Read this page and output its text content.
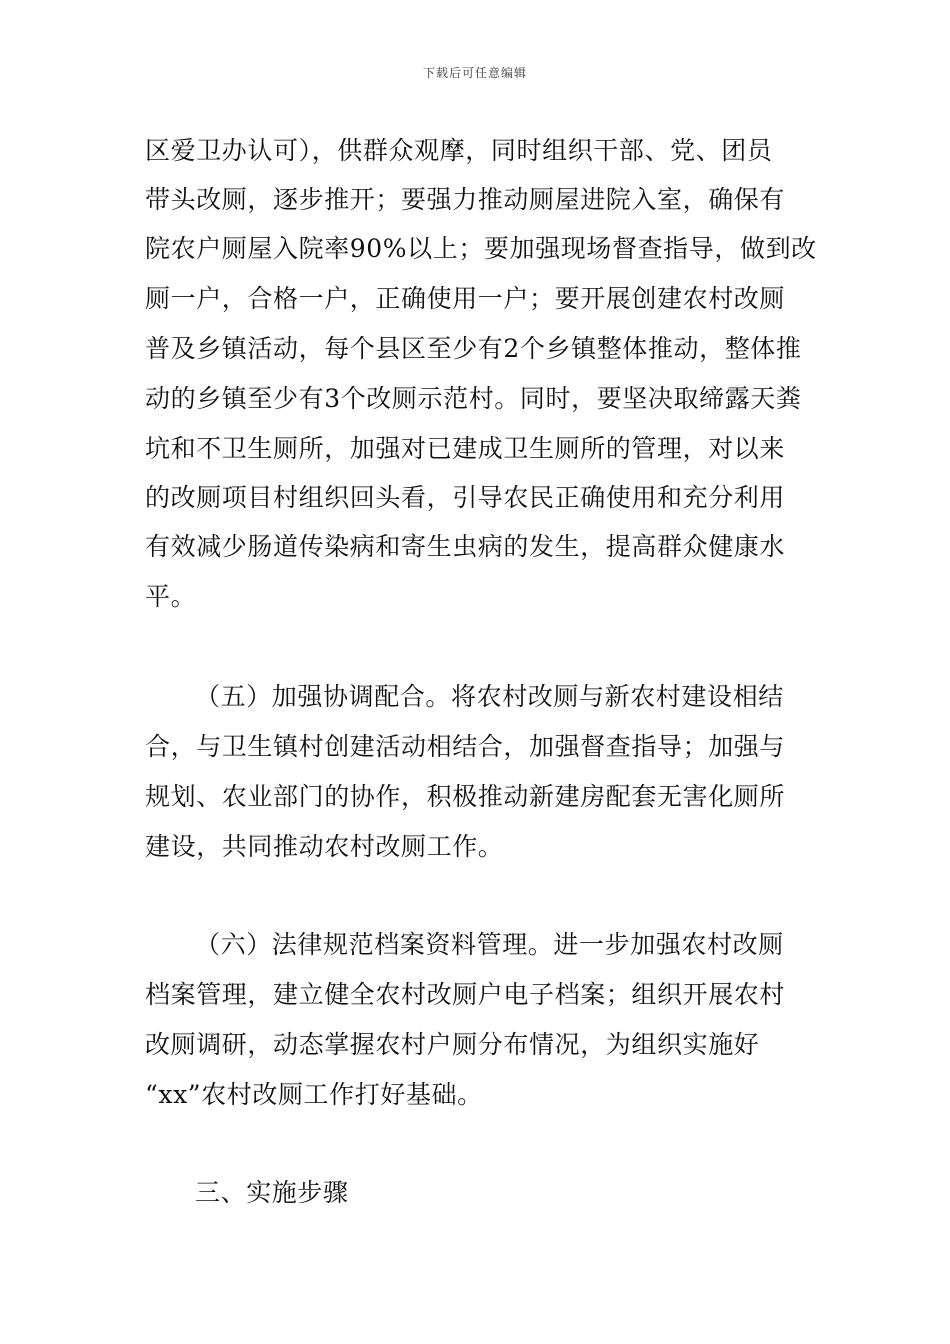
下载后可任意编辑
区爱卫办认可），供群众观摩，同时组织干部、党、团员
带头改厕，逐步推开；要强力推动厕屋进院入室，确保有
院农户厕屋入院率90%以上；要加强现场督查指导，做到改
厕一户，合格一户，正确使用一户；要开展创建农村改厕
普及乡镇活动，每个县区至少有2个乡镇整体推动，整体推
动的乡镇至少有3个改厕示范村。同时，要坚决取缔露天粪
坑和不卫生厕所，加强对已建成卫生厕所的管理，对以来
的改厕项目村组织回头看，引导农民正确使用和充分利用
有效减少肠道传染病和寄生虫病的发生，提高群众健康水
平。
（五）加强协调配合。将农村改厕与新农村建设相结
合，与卫生镇村创建活动相结合，加强督查指导；加强与
规划、农业部门的协作，积极推动新建房配套无害化厕所
建设，共同推动农村改厕工作。
（六）法律规范档案资料管理。进一步加强农村改厕
档案管理，建立健全农村改厕户电子档案；组织开展农村
改厕调研，动态掌握农村户厕分布情况，为组织实施好
“xx”农村改厕工作打好基础。
三、实施步骤
